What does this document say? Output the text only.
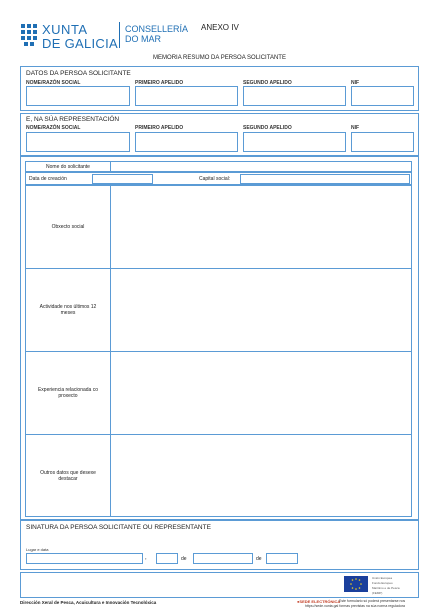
XUNTA
DE GALICIA
CONSELLERÍA
DO MAR
ANEXO IV
MEMORIA RESUMO DA PERSOA SOLICITANTE
DATOS DA PERSOA SOLICITANTE
NOME/RAZÓN SOCIAL	PRIMEIRO APELIDO	SEGUNDO APELIDO	NIF
E, NA SÚA REPRESENTACIÓN
NOME/RAZÓN SOCIAL	PRIMEIRO APELIDO	SEGUNDO APELIDO	NIF
Nome do solicitante
Data de creación	Capital social:
Obxecto social
Actividade nos últimos 12 meses
Experiencia relacionada co proxecto
Outros datos que desexe destacar
SINATURA DA PERSOA SOLICITANTE OU REPRESENTANTE
Lugar e data
,	de	de
Unión Europea
Fondo Europeo
Marítimo e de Pesca
(FEMP)
Dirección Xeral de Pesca, Acuicultura e Innovación Tecnolóxica	●SEDE ELECTRÓNICA
Este formulario só poderá presentarse nos
https://sede.xunta.gal formas previstas na súa norma reguladora
